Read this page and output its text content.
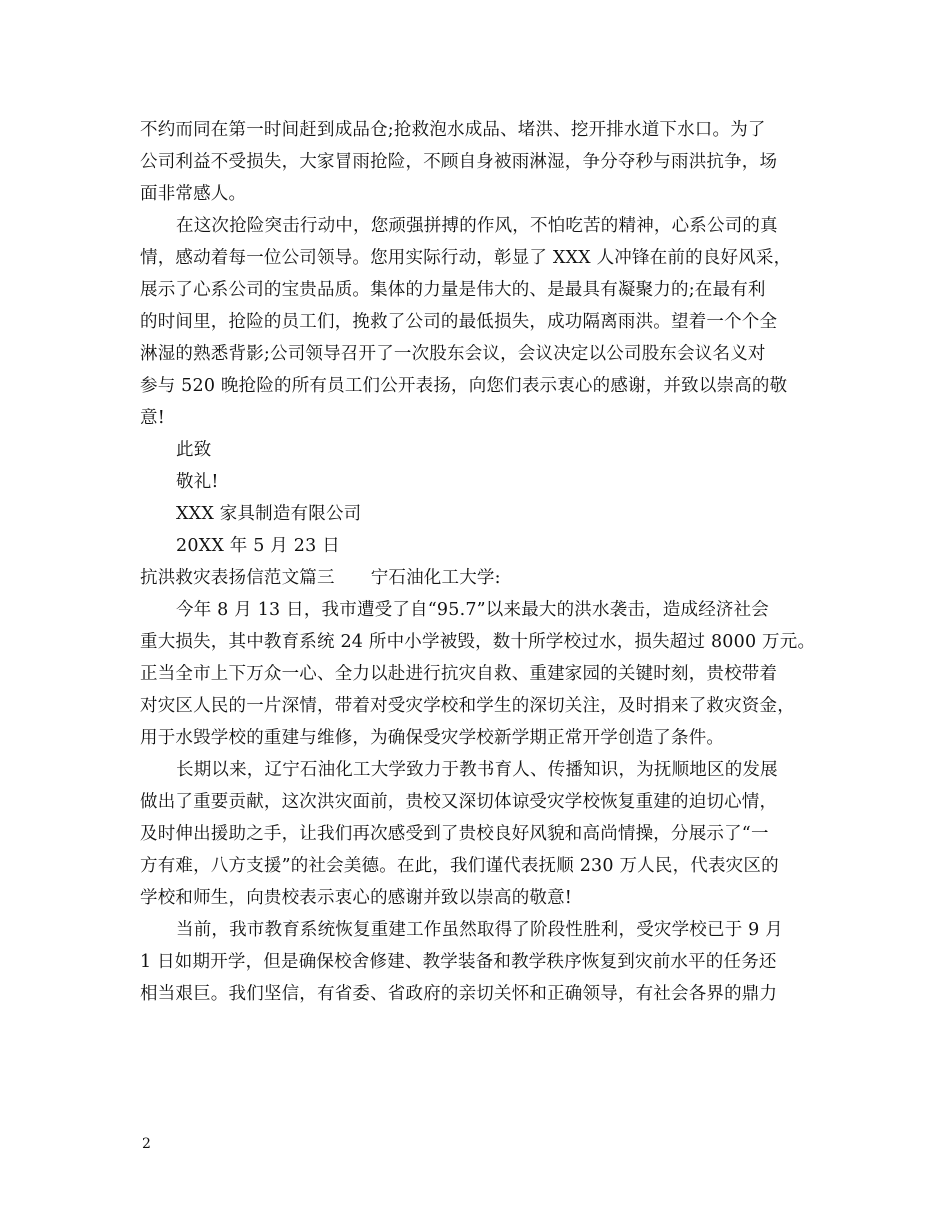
不约而同在第一时间赶到成品仓;抢救泡水成品、堵洪、挖开排水道下水口。为了
公司利益不受损失，大家冒雨抢险，不顾自身被雨淋湿，争分夺秒与雨洪抗争，场
面非常感人。
在这次抢险突击行动中，您顽强拼搏的作风，不怕吃苦的精神，心系公司的真
情，感动着每一位公司领导。您用实际行动，彰显了 XXX 人冲锋在前的良好风采，
展示了心系公司的宝贵品质。集体的力量是伟大的、是最具有凝聚力的;在最有利
的时间里，抢险的员工们，挽救了公司的最低损失，成功隔离雨洪。望着一个个全
淋湿的熟悉背影;公司领导召开了一次股东会议，会议决定以公司股东会议名义对
参与 520 晚抢险的所有员工们公开表扬，向您们表示衷心的感谢，并致以崇高的敬
意!
此致
敬礼!
XXX 家具制造有限公司
20XX 年 5 月 23 日
抗洪救灾表扬信范文篇三 宁石油化工大学:
今年 8 月 13 日，我市遭受了自“95.7”以来最大的洪水袭击，造成经济社会
重大损失，其中教育系统 24 所中小学被毁，数十所学校过水，损失超过 8000 万元。
正当全市上下万众一心、全力以赴进行抗灾自救、重建家园的关键时刻，贵校带着
对灾区人民的一片深情，带着对受灾学校和学生的深切关注，及时捐来了救灾资金，
用于水毁学校的重建与维修，为确保受灾学校新学期正常开学创造了条件。
长期以来，辽宁石油化工大学致力于教书育人、传播知识，为抚顺地区的发展
做出了重要贡献，这次洪灾面前，贵校又深切体谅受灾学校恢复重建的迫切心情，
及时伸出援助之手，让我们再次感受到了贵校良好风貌和高尚情操，分展示了“一
方有难，八方支援”的社会美德。在此，我们谨代表抚顺 230 万人民，代表灾区的
学校和师生，向贵校表示衷心的感谢并致以崇高的敬意!
当前，我市教育系统恢复重建工作虽然取得了阶段性胜利，受灾学校已于 9 月
1 日如期开学，但是确保校舍修建、教学装备和教学秩序恢复到灾前水平的任务还
相当艰巨。我们坚信，有省委、省政府的亲切关怀和正确领导，有社会各界的鼎力
2
